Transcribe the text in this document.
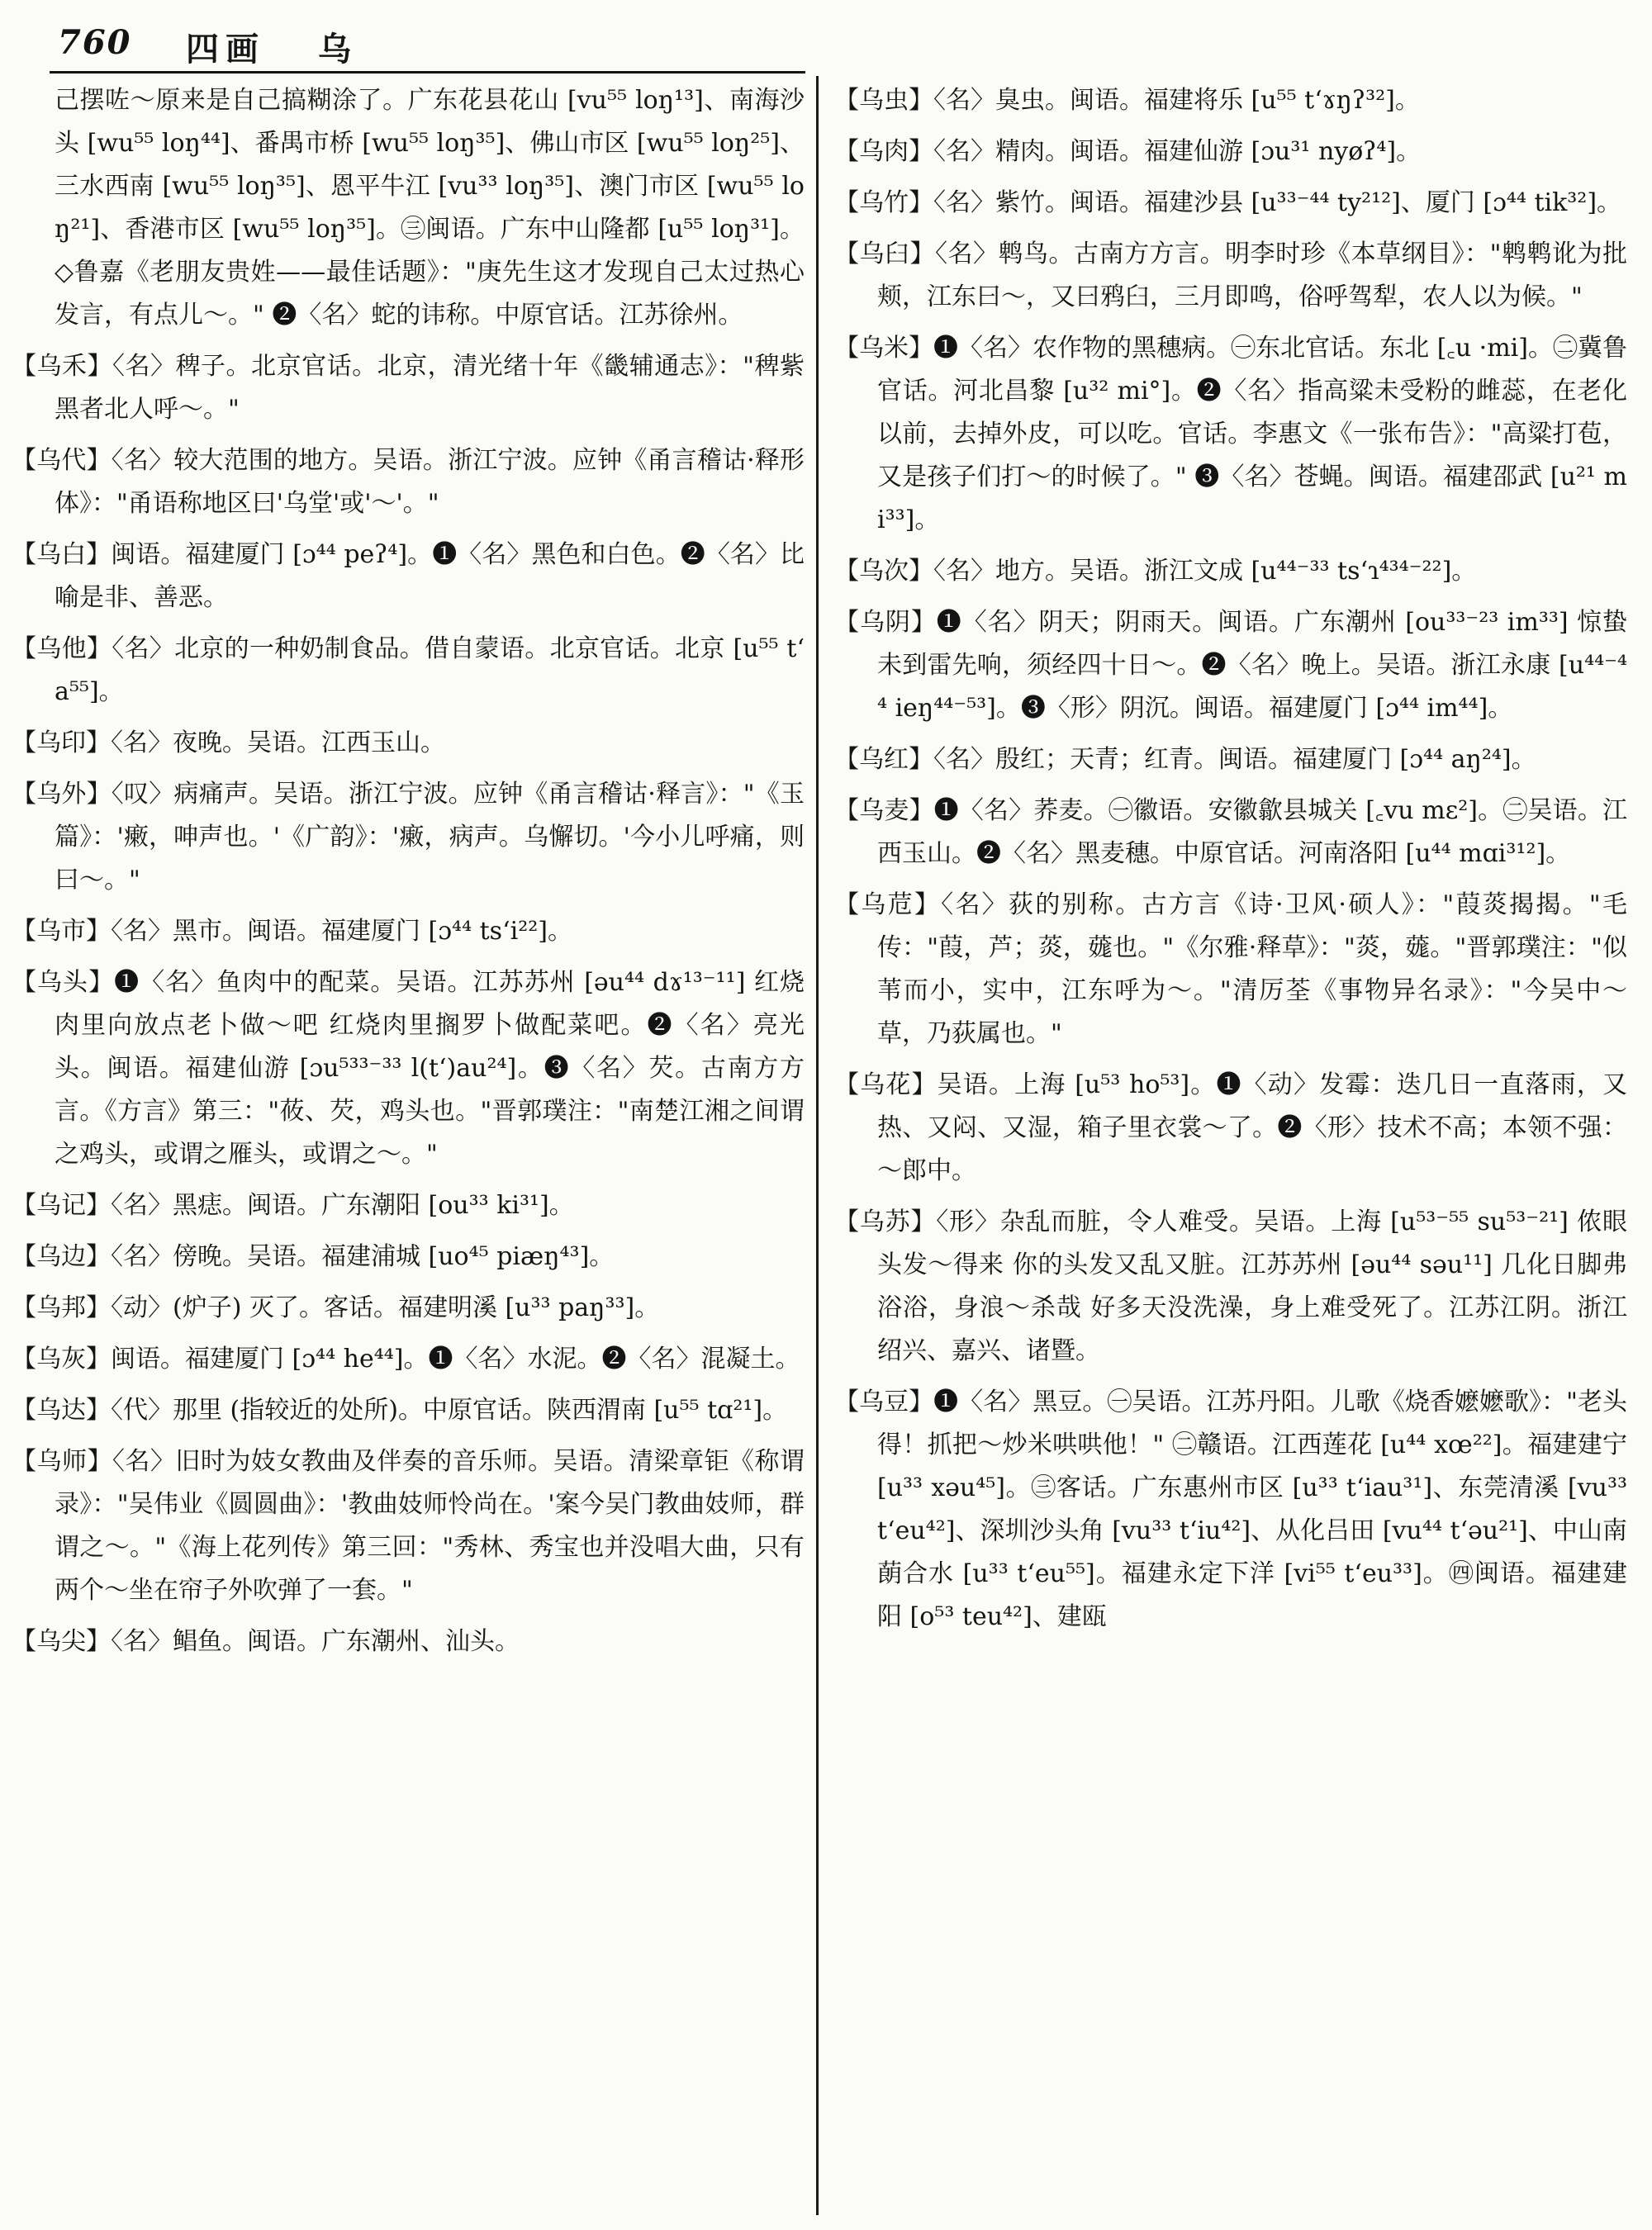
760 四画 乌

己摆咗～原来是自己搞糊涂了。广东花县花山 [vu⁵⁵ loŋ¹³]、南海沙头 [wu⁵⁵ loŋ⁴⁴]、番禺市桥 [wu⁵⁵ loŋ³⁵]、佛山市区 [wu⁵⁵ loŋ²⁵]、三水西南 [wu⁵⁵ loŋ³⁵]、恩平牛江 [vu³³ loŋ³⁵]、澳门市区 [wu⁵⁵ loŋ²¹]、香港市区 [wu⁵⁵ loŋ³⁵]。㊂闽语。广东中山隆都 [u⁵⁵ loŋ³¹]。◇鲁嘉《老朋友贵姓——最佳话题》："庚先生这才发现自己太过热心发言，有点儿～。" ❷〈名〉蛇的讳称。中原官话。江苏徐州。

【乌禾】〈名〉稗子。北京官话。北京，清光绪十年《畿辅通志》："稗紫黑者北人呼～。"

【乌代】〈名〉较大范围的地方。吴语。浙江宁波。应钟《甬言稽诂·释形体》："甬语称地区曰'乌堂'或'～'。"

【乌白】闽语。福建厦门 [ɔ⁴⁴ peʔ⁴]。❶〈名〉黑色和白色。❷〈名〉比喻是非、善恶。

【乌他】〈名〉北京的一种奶制食品。借自蒙语。北京官话。北京 [u⁵⁵ tʻa⁵⁵]。

【乌印】〈名〉夜晚。吴语。江西玉山。

【乌外】〈叹〉病痛声。吴语。浙江宁波。应钟《甬言稽诂·释言》："《玉篇》：'瘷，呻声也。'《广韵》：'瘷，病声。乌懈切。'今小儿呼痛，则曰～。"

【乌市】〈名〉黑市。闽语。福建厦门 [ɔ⁴⁴ tsʻi²²]。

【乌头】❶〈名〉鱼肉中的配菜。吴语。江苏苏州 [əu⁴⁴ dɤ¹³⁻¹¹] 红烧肉里向放点老卜做～吧 红烧肉里搁罗卜做配菜吧。❷〈名〉亮光头。闽语。福建仙游 [ɔu⁵³³⁻³³ l(tʻ)au²⁴]。❸〈名〉芡。古南方方言。《方言》第三："莜、芡，鸡头也。"晋郭璞注："南楚江湘之间谓之鸡头，或谓之雁头，或谓之～。"

【乌记】〈名〉黑痣。闽语。广东潮阳 [ou³³ ki³¹]。

【乌边】〈名〉傍晚。吴语。福建浦城 [uo⁴⁵ piæŋ⁴³]。

【乌邦】〈动〉(炉子) 灭了。客话。福建明溪 [u³³ paŋ³³]。

【乌灰】闽语。福建厦门 [ɔ⁴⁴ he⁴⁴]。❶〈名〉水泥。❷〈名〉混凝土。

【乌达】〈代〉那里 (指较近的处所)。中原官话。陕西渭南 [u⁵⁵ tɑ²¹]。

【乌师】〈名〉旧时为妓女教曲及伴奏的音乐师。吴语。清梁章钜《称谓录》："吴伟业《圆圆曲》：'教曲妓师怜尚在。'案今吴门教曲妓师，群谓之～。"《海上花列传》第三回："秀林、秀宝也并没唱大曲，只有两个～坐在帘子外吹弹了一套。"

【乌尖】〈名〉鲳鱼。闽语。广东潮州、汕头。

【乌虫】〈名〉臭虫。闽语。福建将乐 [u⁵⁵ tʻɤŋʔ³²]。

【乌肉】〈名〉精肉。闽语。福建仙游 [ɔu³¹ nyøʔ⁴]。

【乌竹】〈名〉紫竹。闽语。福建沙县 [u³³⁻⁴⁴ ty²¹²]、厦门 [ɔ⁴⁴ tik³²]。

【乌臼】〈名〉鹎鸟。古南方方言。明李时珍《本草纲目》："鹎鹎讹为批颊，江东曰～，又曰鸦臼，三月即鸣，俗呼驾犁，农人以为候。"

【乌米】❶〈名〉农作物的黑穗病。㊀东北官话。东北 [꜀u ·mi]。㊁冀鲁官话。河北昌黎 [u³² mi°]。❷〈名〉指高粱未受粉的雌蕊，在老化以前，去掉外皮，可以吃。官话。李惠文《一张布告》："高粱打苞，又是孩子们打～的时候了。" ❸〈名〉苍蝇。闽语。福建邵武 [u²¹ mi³³]。

【乌次】〈名〉地方。吴语。浙江文成 [u⁴⁴⁻³³ tsʻɿ⁴³⁴⁻²²]。

【乌阴】❶〈名〉阴天；阴雨天。闽语。广东潮州 [ou³³⁻²³ im³³] 惊蛰未到雷先响，须经四十日～。❷〈名〉晚上。吴语。浙江永康 [u⁴⁴⁻⁴⁴ ieŋ⁴⁴⁻⁵³]。❸〈形〉阴沉。闽语。福建厦门 [ɔ⁴⁴ im⁴⁴]。

【乌红】〈名〉殷红；天青；红青。闽语。福建厦门 [ɔ⁴⁴ aŋ²⁴]。

【乌麦】❶〈名〉荞麦。㊀徽语。安徽歙县城关 [꜀vu mɛ²]。㊁吴语。江西玉山。❷〈名〉黑麦穗。中原官话。河南洛阳 [u⁴⁴ mɑi³¹²]。

【乌苊】〈名〉荻的别称。古方言《诗·卫风·硕人》："葭菼揭揭。"毛传："葭，芦；菼，䓼也。"《尔雅·释草》："菼，䓼。"晋郭璞注："似苇而小，实中，江东呼为～。"清厉荃《事物异名录》："今吴中～草，乃荻属也。"

【乌花】吴语。上海 [u⁵³ ho⁵³]。❶〈动〉发霉：迭几日一直落雨，又热、又闷、又湿，箱子里衣裳～了。❷〈形〉技术不高；本领不强：～郎中。

【乌苏】〈形〉杂乱而脏，令人难受。吴语。上海 [u⁵³⁻⁵⁵ su⁵³⁻²¹] 侬眼头发～得来 你的头发又乱又脏。江苏苏州 [əu⁴⁴ səu¹¹] 几化日脚弗浴浴，身浪～杀哉 好多天没洗澡，身上难受死了。江苏江阴。浙江绍兴、嘉兴、诸暨。

【乌豆】❶〈名〉黑豆。㊀吴语。江苏丹阳。儿歌《烧香嬷嬷歌》："老头得！抓把～炒米哄哄他！" ㊁赣语。江西莲花 [u⁴⁴ xœ²²]。福建建宁 [u³³ xəu⁴⁵]。㊂客话。广东惠州市区 [u³³ tʻiau³¹]、东莞清溪 [vu³³ tʻeu⁴²]、深圳沙头角 [vu³³ tʻiu⁴²]、从化吕田 [vu⁴⁴ tʻəu²¹]、中山南蓢合水 [u³³ tʻeu⁵⁵]。福建永定下洋 [vi⁵⁵ tʻeu³³]。㊃闽语。福建建阳 [o⁵³ teu⁴²]、建瓯
